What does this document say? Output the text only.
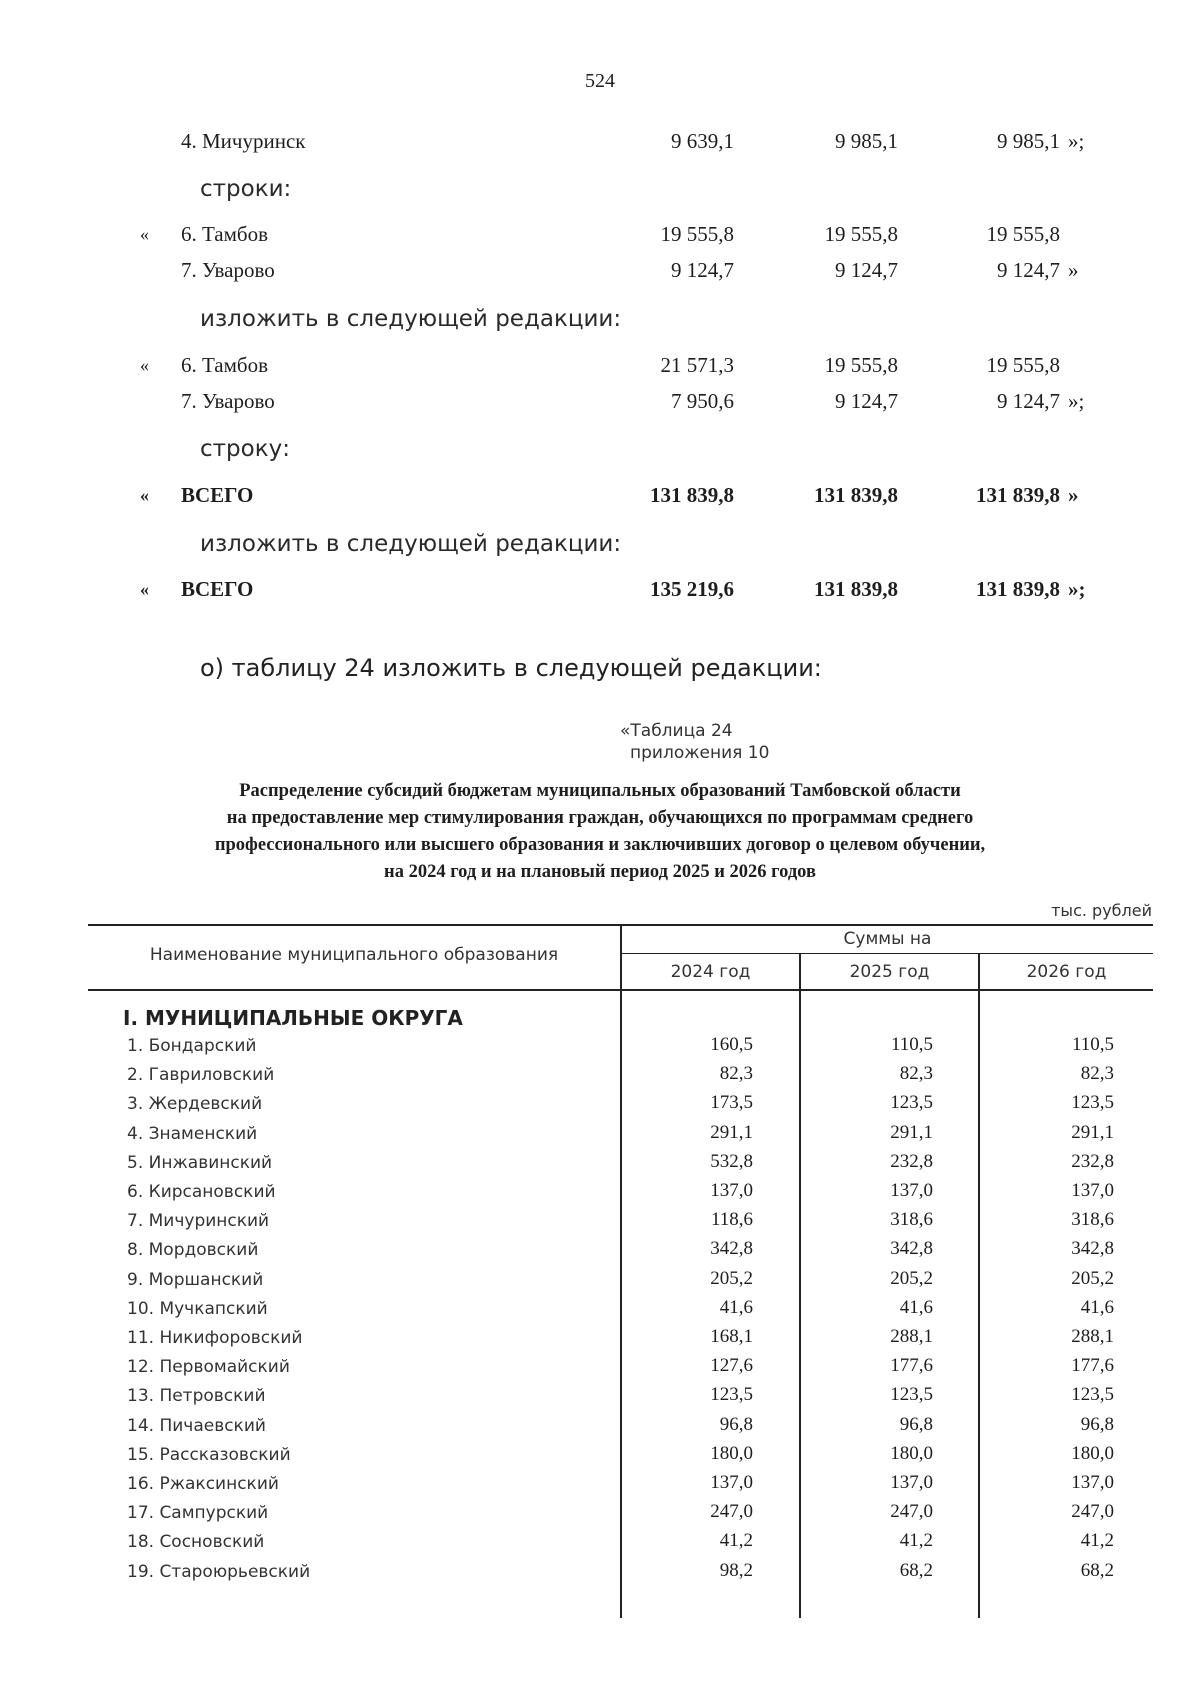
524
4. Мичуринск	9 639,1	9 985,1	9 985,1 »;
строки:
« 6. Тамбов	19 555,8	19 555,8	19 555,8
7. Уварово	9 124,7	9 124,7	9 124,7 »
изложить в следующей редакции:
« 6. Тамбов	21 571,3	19 555,8	19 555,8
7. Уварово	7 950,6	9 124,7	9 124,7 »;
строку:
« ВСЕГО	131 839,8	131 839,8	131 839,8 »
изложить в следующей редакции:
« ВСЕГО	135 219,6	131 839,8	131 839,8 »;
о) таблицу 24 изложить в следующей редакции:
«Таблица 24
приложения 10
Распределение субсидий бюджетам муниципальных образований Тамбовской области
на предоставление мер стимулирования граждан, обучающихся по программам среднего
профессионального или высшего образования и заключивших договор о целевом обучении,
на 2024 год и на плановый период 2025 и 2026 годов
тыс. рублей
Наименование муниципального образования
Суммы на
2024 год	2025 год	2026 год
I. МУНИЦИПАЛЬНЫЕ ОКРУГА
1. Бондарский	160,5	110,5	110,5
2. Гавриловский	82,3	82,3	82,3
3. Жердевский	173,5	123,5	123,5
4. Знаменский	291,1	291,1	291,1
5. Инжавинский	532,8	232,8	232,8
6. Кирсановский	137,0	137,0	137,0
7. Мичуринский	118,6	318,6	318,6
8. Мордовский	342,8	342,8	342,8
9. Моршанский	205,2	205,2	205,2
10. Мучкапский	41,6	41,6	41,6
11. Никифоровский	168,1	288,1	288,1
12. Первомайский	127,6	177,6	177,6
13. Петровский	123,5	123,5	123,5
14. Пичаевский	96,8	96,8	96,8
15. Рассказовский	180,0	180,0	180,0
16. Ржаксинский	137,0	137,0	137,0
17. Сампурский	247,0	247,0	247,0
18. Сосновский	41,2	41,2	41,2
19. Староюрьевский	98,2	68,2	68,2
